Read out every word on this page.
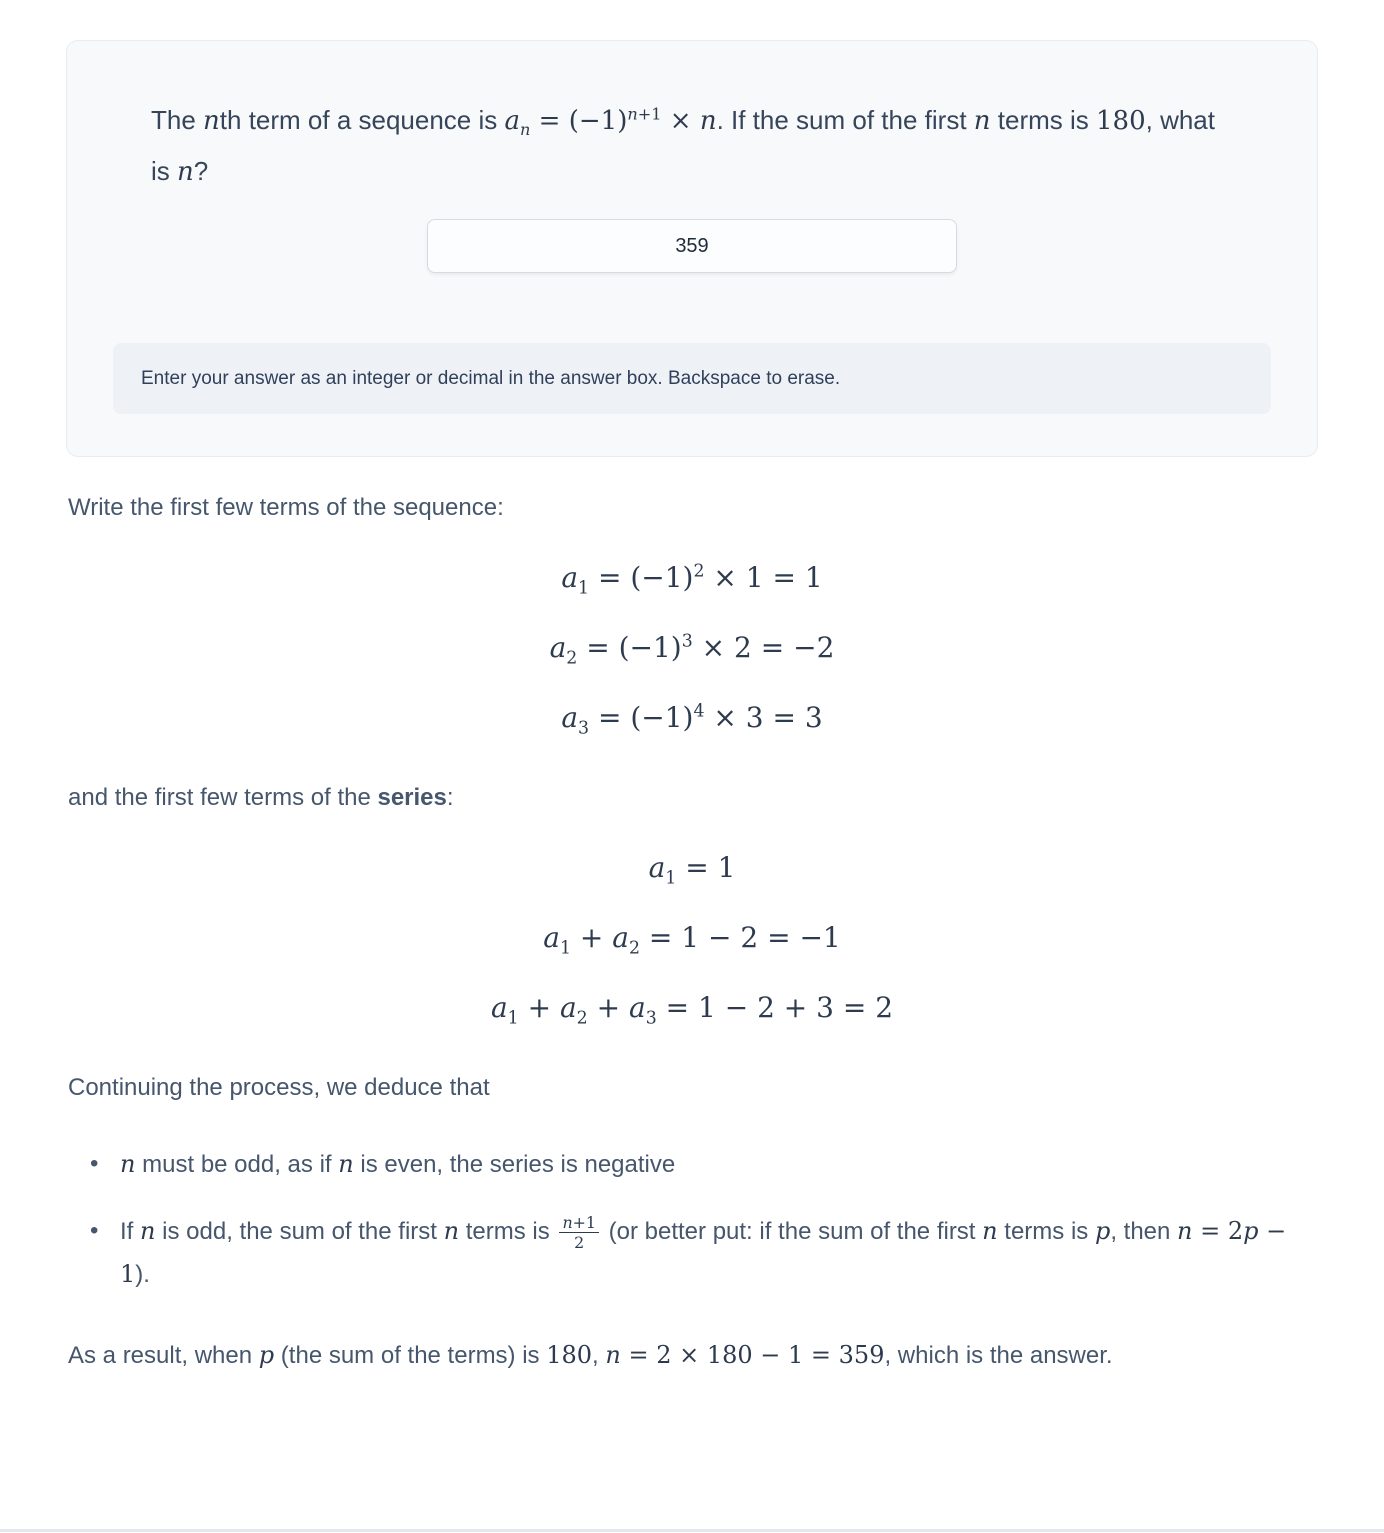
The nth term of a sequence is $a_n = (-1)^{n+1} \times n$. If the sum of the first n terms is 180, what is n?
359
Enter your answer as an integer or decimal in the answer box. Backspace to erase.

Write the first few terms of the sequence:

$a_1 = (-1)^2 \times 1 = 1$
$a_2 = (-1)^3 \times 2 = -2$
$a_3 = (-1)^4 \times 3 = 3$

and the first few terms of the series:

$a_1 = 1$
$a_1 + a_2 = 1 - 2 = -1$
$a_1 + a_2 + a_3 = 1 - 2 + 3 = 2$

Continuing the process, we deduce that

• n must be odd, as if n is even, the series is negative
• If n is odd, the sum of the first n terms is $\frac{n+1}{2} (or$ better put: if the sum of the first n terms is p, then n = 2p − 1).

As a result, when p (the sum of the terms) is 180, n = 2 × 180 − 1 = 359, which is the answer.
